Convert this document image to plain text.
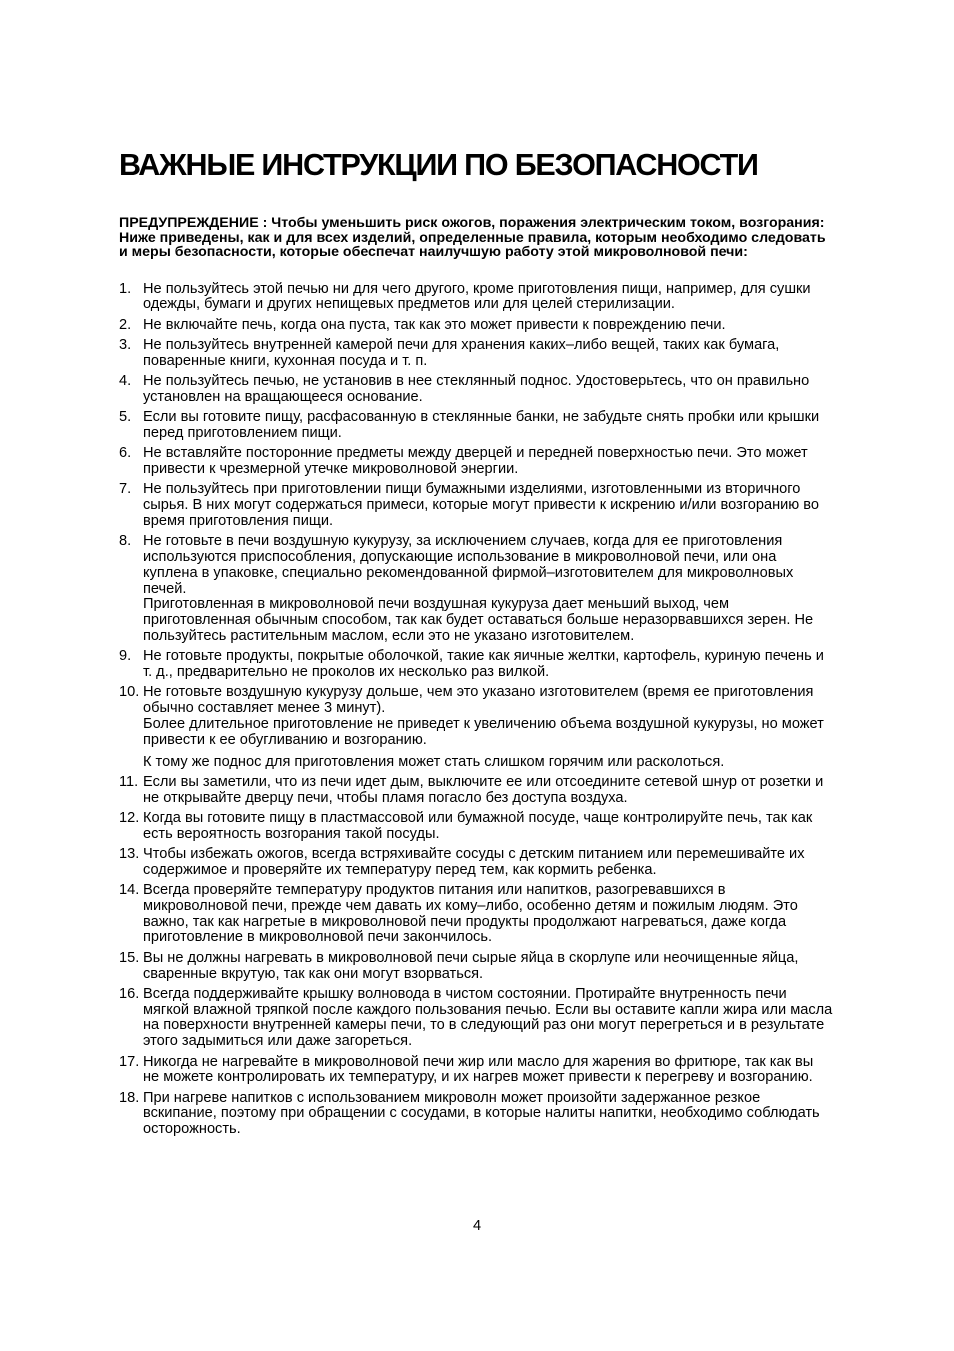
ВАЖНЫЕ ИНСТРУКЦИИ ПО БЕЗОПАСНОСТИ
ПРЕДУПРЕЖДЕНИЕ : Чтобы уменьшить риск ожогов, поражения электрическим током, возгорания:
Ниже приведены, как и для всех изделий, определенные правила, которым необходимо следовать и меры безопасности, которые обеспечат наилучшую работу этой микроволновой печи:
1. Не пользуйтесь этой печью ни для чего другого, кроме приготовления пищи, например, для сушки одежды, бумаги и других непищевых предметов или для целей стерилизации.
2. Не включайте печь, когда она пуста, так как это может привести к повреждению печи.
3. Не пользуйтесь внутренней камерой печи для хранения каких–либо вещей, таких как бумага, поваренные книги, кухонная посуда и т. п.
4. Не пользуйтесь печью, не установив в нее стеклянный поднос. Удостоверьтесь, что он правильно установлен на вращающееся основание.
5. Если вы готовите пищу, расфасованную в стеклянные банки, не забудьте снять пробки или крышки перед приготовлением пищи.
6. Не вставляйте посторонние предметы между дверцей и передней поверхностью печи. Это может привести к чрезмерной утечке микроволновой энергии.
7. Не пользуйтесь при приготовлении пищи бумажными изделиями, изготовленными из вторичного сырья. В них могут содержаться примеси, которые могут привести к искрению и/или возгоранию во время приготовления пищи.
8. Не готовьте в печи воздушную кукурузу, за исключением случаев, когда для ее приготовления используются приспособления, допускающие использование в микроволновой печи, или она куплена в упаковке, специально рекомендованной фирмой–изготовителем для микроволновых печей.
Приготовленная в микроволновой печи воздушная кукуруза дает меньший выход, чем приготовленная обычным способом, так как будет оставаться больше неразорвавшихся зерен. Не пользуйтесь растительным маслом, если это не указано изготовителем.
9. Не готовьте продукты, покрытые оболочкой, такие как яичные желтки, картофель, куриную печень и т. д., предварительно не проколов их несколько раз вилкой.
10. Не готовьте воздушную кукурузу дольше, чем это указано изготовителем (время ее приготовления обычно составляет менее 3 минут).
Более длительное приготовление не приведет к увеличению объема воздушной кукурузы, но может привести к ее обугливанию и возгоранию.
К тому же поднос для приготовления может стать слишком горячим или расколоться.
11. Если вы заметили, что из печи идет дым, выключите ее или отсоедините сетевой шнур от розетки и не открывайте дверцу печи, чтобы пламя погасло без доступа воздуха.
12. Когда вы готовите пищу в пластмассовой или бумажной посуде, чаще контролируйте печь, так как есть вероятность возгорания такой посуды.
13. Чтобы избежать ожогов, всегда встряхивайте сосуды с детским питанием или перемешивайте их содержимое и проверяйте их температуру перед тем, как кормить ребенка.
14. Всегда проверяйте температуру продуктов питания или напитков, разогревавшихся в микроволновой печи, прежде чем давать их кому–либо, особенно детям и пожилым людям. Это важно, так как нагретые в микроволновой печи продукты продолжают нагреваться, даже когда приготовление в микроволновой печи закончилось.
15. Вы не должны нагревать в микроволновой печи сырые яйца в скорлупе или неочищенные яйца, сваренные вкрутую, так как они могут взорваться.
16. Всегда поддерживайте крышку волновода в чистом состоянии. Протирайте внутренность печи мягкой влажной тряпкой после каждого пользования печью. Если вы оставите капли жира или масла на поверхности внутренней камеры печи, то в следующий раз они могут перегреться и в результате этого задымиться или даже загореться.
17. Никогда не нагревайте в микроволновой печи жир или масло для жарения во фритюре, так как вы не можете контролировать их температуру, и их нагрев может привести к перегреву и возгоранию.
18. При нагреве напитков с использованием микроволн может произойти задержанное резкое вскипание, поэтому при обращении с сосудами, в которые налиты напитки, необходимо соблюдать осторожность.
4
